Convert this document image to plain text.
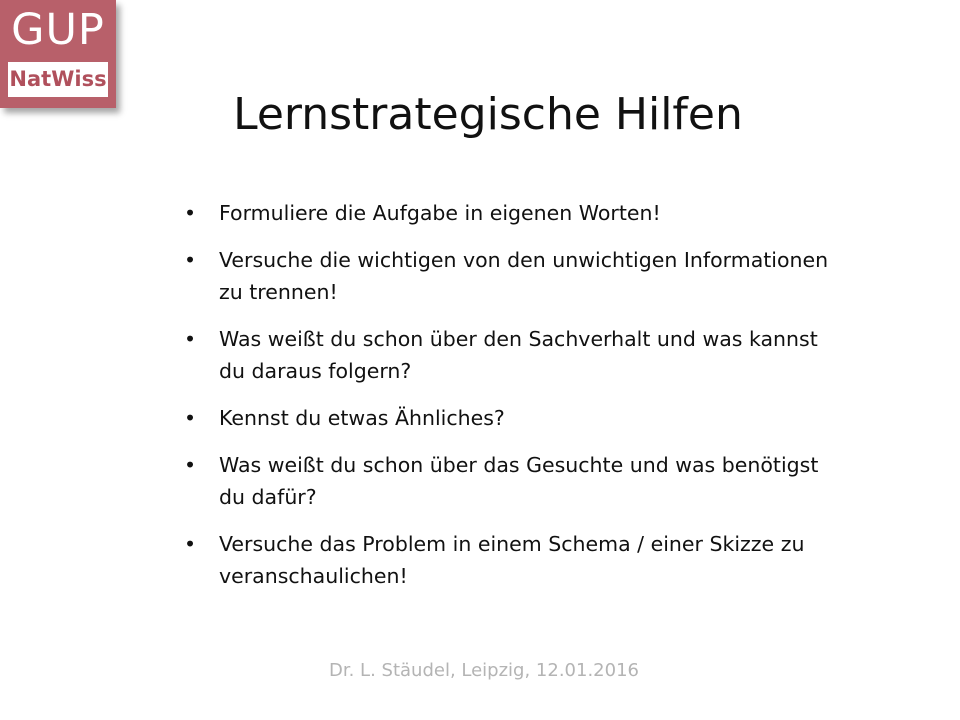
GUP
NatWiss
Lernstrategische Hilfen
• Formuliere die Aufgabe in eigenen Worten!
• Versuche die wichtigen von den unwichtigen Informationen zu trennen!
• Was weißt du schon über den Sachverhalt und was kannst du daraus folgern?
• Kennst du etwas Ähnliches?
• Was weißt du schon über das Gesuchte und was benötigst du dafür?
• Versuche das Problem in einem Schema / einer Skizze zu veranschaulichen!
Dr. L. Stäudel, Leipzig, 12.01.2016
